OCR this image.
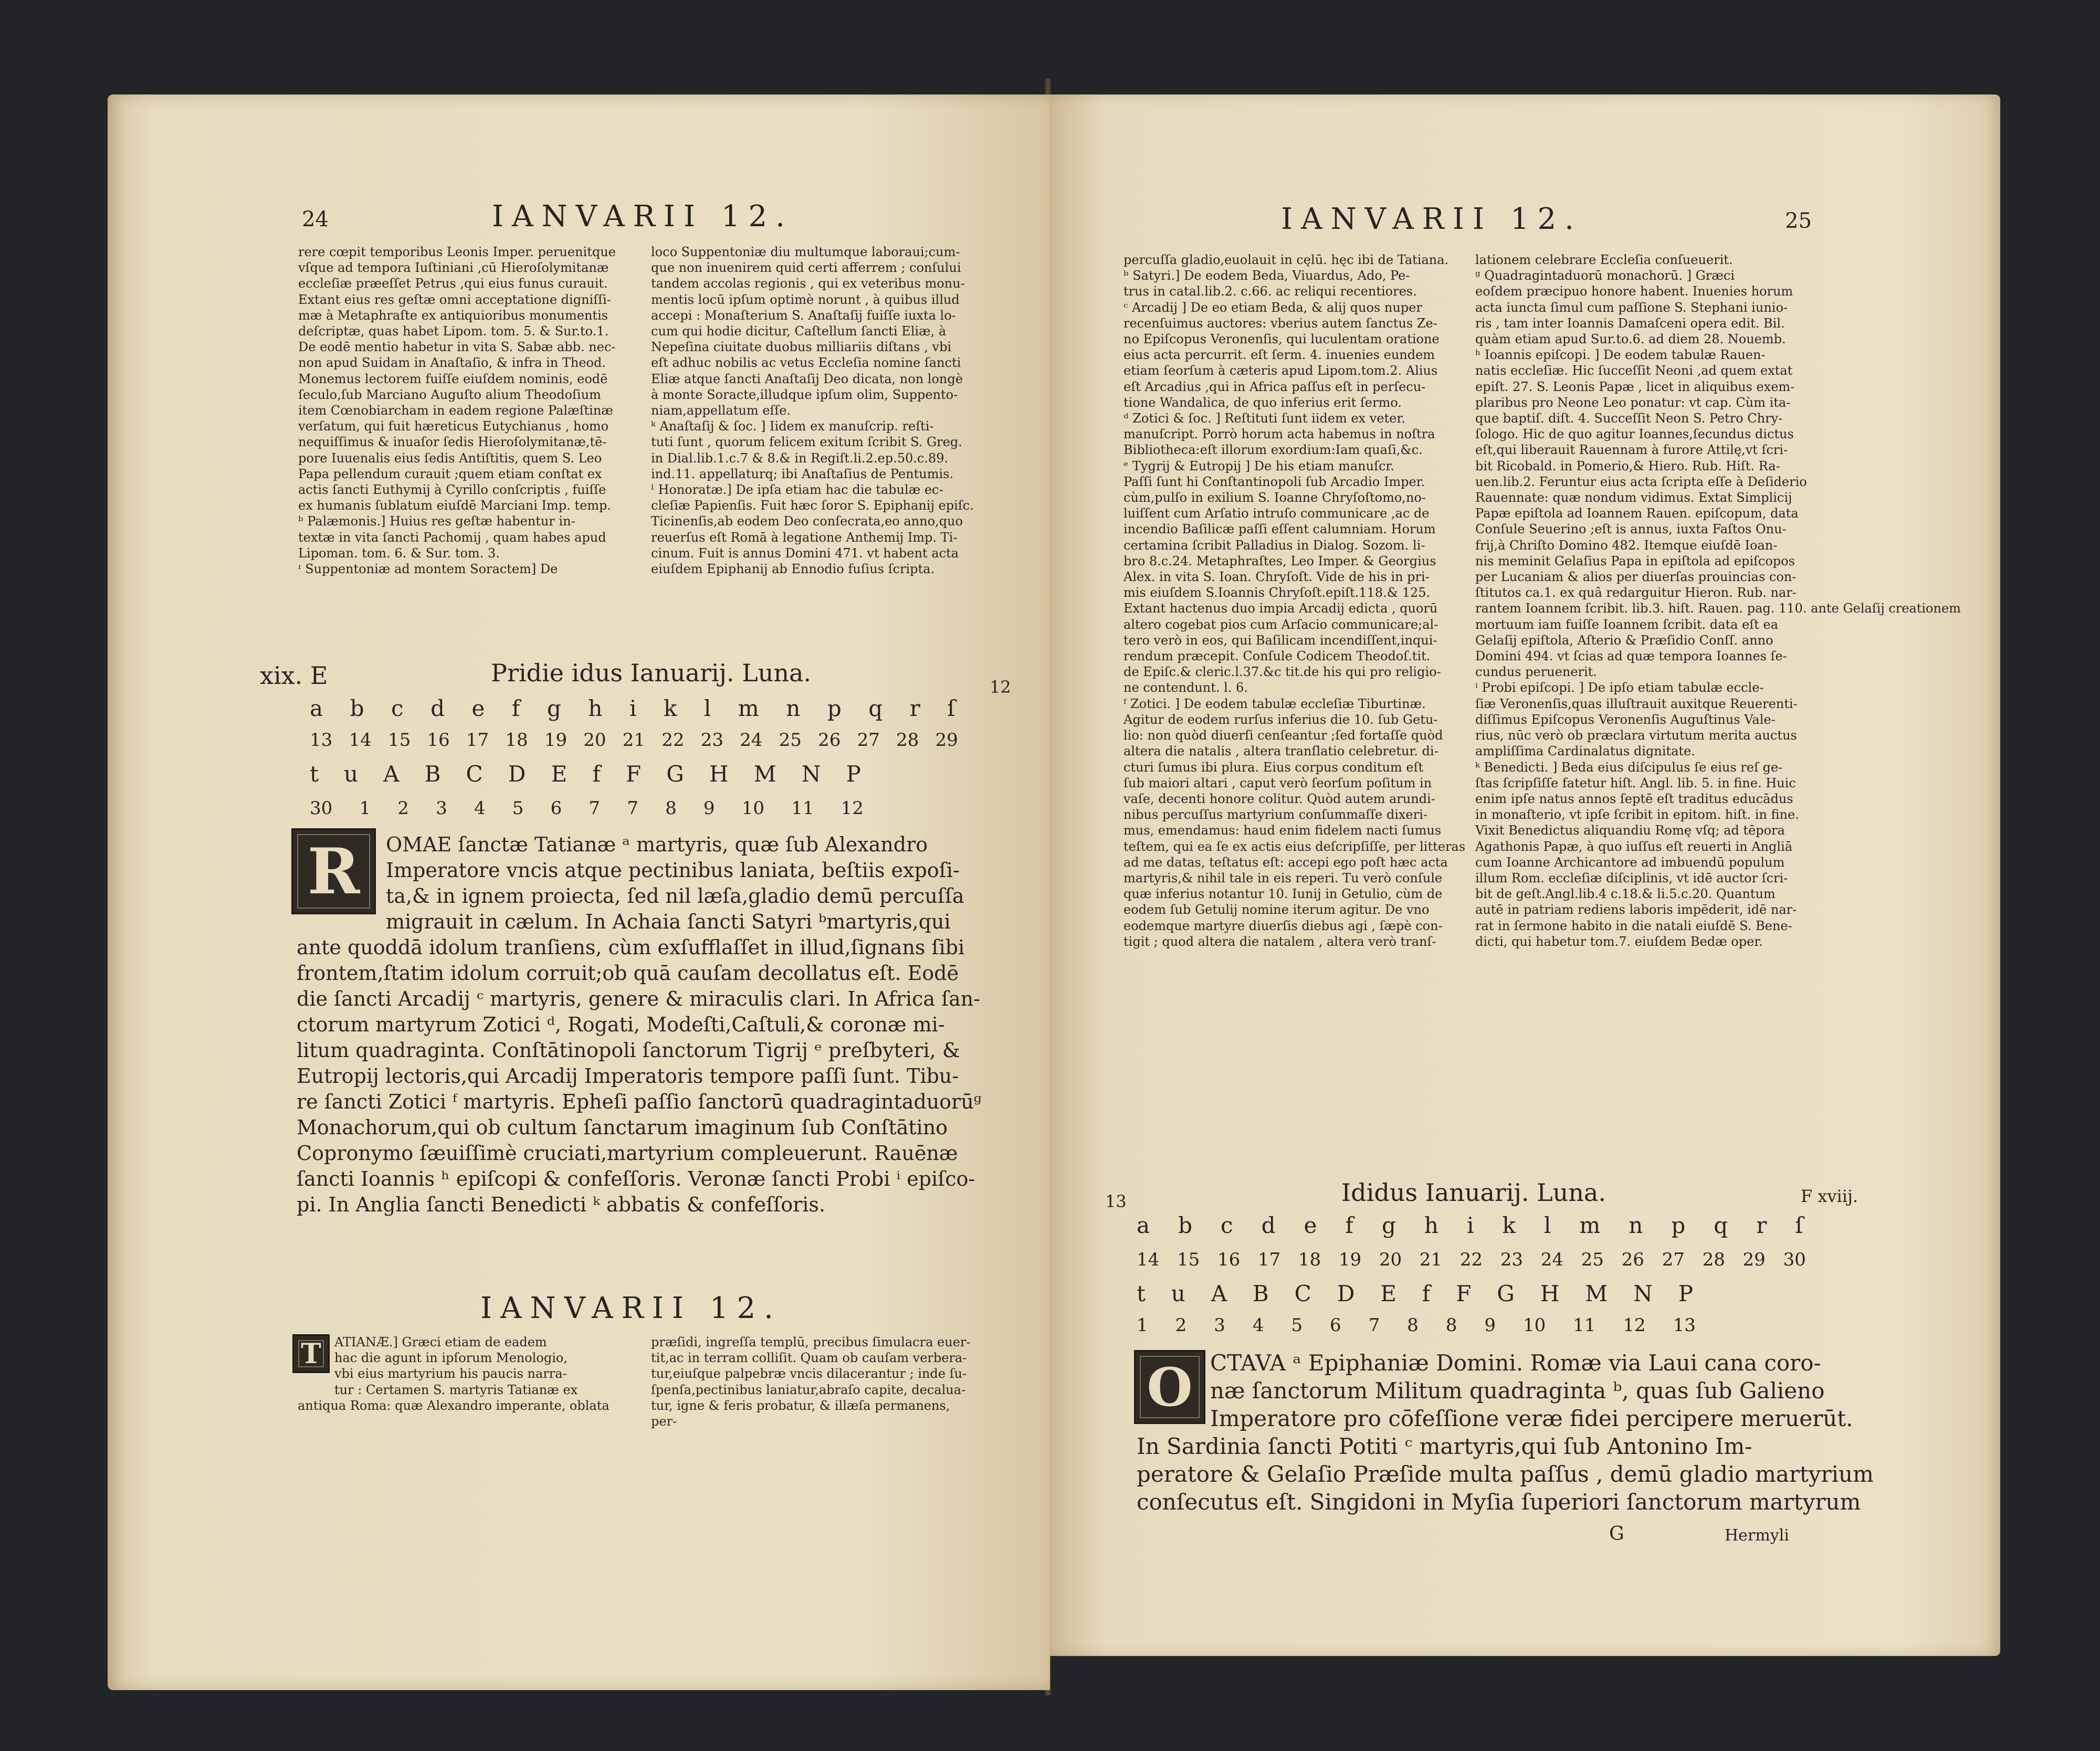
24	IANVARII 12.
rere cœpit temporibus Leonis Imper. peruenitque
vſque ad tempora Iuſtiniani ,cū Hieroſolymitanæ
eccleſiæ præeſſet Petrus ,qui eius funus curauit.
Extant eius res geſtæ omni acceptatione digniſſi-
mæ à Metaphraſte ex antiquioribus monumentis
deſcriptæ, quas habet Lipom. tom. 5. & Sur.to.1.
De eodē mentio habetur in vita S. Sabæ abb. nec-
non apud Suidam in Anaſtaſio, & infra in Theod.
Monemus lectorem fuiſſe eiuſdem nominis, eodē
ſeculo,ſub Marciano Auguſto alium Theodoſium
item Cœnobiarcham in eadem regione Palæſtinæ
verſatum, qui fuit hæreticus Eutychianus , homo
nequiſſimus & inuaſor ſedis Hieroſolymitanæ,tē-
pore Iuuenalis eius ſedis Antiſtitis, quem S. Leo
Papa pellendum curauit ;quem etiam conſtat ex
actis ſancti Euthymij à Cyrillo conſcriptis , fuiſſe
ex humanis ſublatum eiuſdē Marciani Imp. temp.
ᵇ Palæmonis.] Huius res geſtæ habentur in-
textæ in vita ſancti Pachomij , quam habes apud
Lipoman. tom. 6. & Sur. tom. 3.
ᶦ Suppentoniæ ad montem Soractem] De
loco Suppentoniæ diu multumque laboraui;cum-
que non inuenirem quid certi afferrem ; conſului
tandem accolas regionis , qui ex veteribus monu-
mentis locū ipſum optimè norunt , à quibus illud
accepi : Monaſterium S. Anaſtaſij fuiſſe iuxta lo-
cum qui hodie dicitur, Caſtellum ſancti Eliæ, à
Nepeſina ciuitate duobus milliariis diſtans , vbi
eſt adhuc nobilis ac vetus Eccleſia nomine ſancti
Eliæ atque ſancti Anaſtaſij Deo dicata, non longè
à monte Soracte,illudque ipſum olim, Suppento-
niam,appellatum eſſe.
ᵏ Anaſtaſij & ſoc. ] Iidem ex manuſcrip. reſti-
tuti ſunt , quorum felicem exitum ſcribit S. Greg.
in Dial.lib.1.c.7 & 8.& in Regiſt.li.2.ep.50.c.89.
ind.11. appellaturq; ibi Anaſtaſius de Pentumis.
ˡ Honoratæ.] De ipſa etiam hac die tabulæ ec-
cleſiæ Papienſis. Fuit hæc ſoror S. Epiphanij epiſc.
Ticinenſis,ab eodem Deo conſecrata,eo anno,quo
reuerſus eſt Romā à legatione Anthemij Imp. Ti-
cinum. Fuit is annus Domini 471. vt habent acta
eiuſdem Epiphanij ab Ennodio fuſius ſcripta.
xix. E	Pridie idus Ianuarij. Luna.	12
a b c d e f g h i k l m n p q r ſ
13 14 15 16 17 18 19 20 21 22 23 24 25 26 27 28 29
t u A B C D E f F G H M N P
30 1 2 3 4 5 6 7 7 8 9 10 11 12
R	OMAE ſanctæ Tatianæ ᵃ martyris, quæ ſub Alexandro
Imperatore vncis atque pectinibus laniata, beſtiis expoſi-
ta,& in ignem proiecta, ſed nil læſa,gladio demū percuſſa
migrauit in cælum. In Achaia ſancti Satyri ᵇmartyris,qui
ante quoddā idolum tranſiens, cùm exſufflaſſet in illud,ſignans ſibi
frontem,ſtatim idolum corruit;ob quā cauſam decollatus eſt. Eodē
die ſancti Arcadij ᶜ martyris, genere & miraculis clari. In Africa ſan-
ctorum martyrum Zotici ᵈ, Rogati, Modeſti,Caſtuli,& coronæ mi-
litum quadraginta. Conſtātinopoli ſanctorum Tigrij ᵉ preſbyteri, &
Eutropij lectoris,qui Arcadij Imperatoris tempore paſſi ſunt. Tibu-
re ſancti Zotici ᶠ martyris. Epheſi paſſio ſanctorū quadragintaduorūᵍ
Monachorum,qui ob cultum ſanctarum imaginum ſub Conſtātino
Copronymo ſæuiſſimè cruciati,martyrium compleuerunt. Rauēnæ
ſancti Ioannis ʰ epiſcopi & confeſſoris. Veronæ ſancti Probi ⁱ epiſco-
pi. In Anglia ſancti Benedicti ᵏ abbatis & confeſſoris.
IANVARII 12.
T	ATIANÆ.] Græci etiam de eadem
hac die agunt in ipſorum Menologio,
vbi eius martyrium his paucis narra-
tur : Certamen S. martyris Tatianæ ex
antiqua Roma: quæ Alexandro imperante, oblata
præſidi, ingreſſa templū, precibus ſimulacra euer-
tit,ac in terram colliſit. Quam ob cauſam verbera-
tur,eiuſque palpebræ vncis dilacerantur ; inde ſu-
ſpenſa,pectinibus laniatur,abraſo capite, decalua-
tur, igne & feris probatur, & illæſa permanens,
per-
IANVARII 12.	25
percuſſa gladio,euolauit in cęlū. hęc ibi de Tatiana.
ᵇ Satyri.] De eodem Beda, Viuardus, Ado, Pe-
trus in catal.lib.2. c.66. ac reliqui recentiores.
ᶜ Arcadij ] De eo etiam Beda, & alij quos nuper
recenſuimus auctores: vberius autem ſanctus Ze-
no Epiſcopus Veronenſis, qui luculentam oratione
eius acta percurrit. eſt ſerm. 4. inuenies eundem
etiam ſeorſum à cæteris apud Lipom.tom.2. Alius
eſt Arcadius ,qui in Africa paſſus eſt in perſecu-
tione Wandalica, de quo inferius erit ſermo.
ᵈ Zotici & ſoc. ] Reſtituti ſunt iidem ex veter.
manuſcript. Porrò horum acta habemus in noſtra
Bibliotheca:eſt illorum exordium:Iam quaſi,&c.
ᵉ Tygrij & Eutropij ] De his etiam manuſcr.
Paſſi ſunt hi Conſtantinopoli ſub Arcadio Imper.
cùm,pulſo in exilium S. Ioanne Chryſoſtomo,no-
luiſſent cum Arſatio intruſo communicare ,ac de
incendio Baſilicæ paſſi eſſent calumniam. Horum
certamina ſcribit Palladius in Dialog. Sozom. li-
bro 8.c.24. Metaphraſtes, Leo Imper. & Georgius
Alex. in vita S. Ioan. Chryſoſt. Vide de his in pri-
mis eiuſdem S.Ioannis Chryſoſt.epiſt.118.& 125.
Extant hactenus duo impia Arcadij edicta , quorū
altero cogebat pios cum Arſacio communicare;al-
tero verò in eos, qui Baſilicam incendiſſent,inqui-
rendum præcepit. Conſule Codicem Theodoſ.tit.
de Epiſc.& cleric.l.37.&c tit.de his qui pro religio-
ne contendunt. l. 6.
ᶠ Zotici. ] De eodem tabulæ eccleſiæ Tiburtinæ.
Agitur de eodem rurſus inferius die 10. ſub Getu-
lio: non quòd diuerſi cenſeantur ;ſed fortaſſe quòd
altera die natalis , altera tranſlatio celebretur. di-
cturi ſumus ibi plura. Eius corpus conditum eſt
ſub maiori altari , caput verò ſeorſum poſitum in
vaſe, decenti honore colitur. Quòd autem arundi-
nibus percuſſus martyrium conſummaſſe dixeri-
mus, emendamus: haud enim fidelem nacti ſumus
teſtem, qui ea ſe ex actis eius deſcripſiſſe, per litteras
ad me datas, teſtatus eſt: accepi ego poſt hæc acta
martyris,& nihil tale in eis reperi. Tu verò conſule
quæ inferius notantur 10. Iunij in Getulio, cùm de
eodem ſub Getulij nomine iterum agitur. De vno
eodemque martyre diuerſis diebus agi , ſæpè con-
tigit ; quod altera die natalem , altera verò tranſ-
lationem celebrare Eccleſia conſueuerit.
ᵍ Quadragintaduorū monachorū. ] Græci
eoſdem præcipuo honore habent. Inuenies horum
acta iuncta ſimul cum paſſione S. Stephani iunio-
ris , tam inter Ioannis Damaſceni opera edit. Bil.
quàm etiam apud Sur.to.6. ad diem 28. Nouemb.
ʰ Ioannis epiſcopi. ] De eodem tabulæ Rauen-
natis eccleſiæ. Hic ſucceſſit Neoni ,ad quem extat
epiſt. 27. S. Leonis Papæ , licet in aliquibus exem-
plaribus pro Neone Leo ponatur: vt cap. Cùm ita-
que baptiſ. diſt. 4. Succeſſit Neon S. Petro Chry-
ſologo. Hic de quo agitur Ioannes,ſecundus dictus
eſt,qui liberauit Rauennam à furore Attilę,vt ſcri-
bit Ricobald. in Pomerio,& Hiero. Rub. Hiſt. Ra-
uen.lib.2. Feruntur eius acta ſcripta eſſe à Deſiderio
Rauennate: quæ nondum vidimus. Extat Simplicij
Papæ epiſtola ad Ioannem Rauen. epiſcopum, data
Conſule Seuerino ;eſt is annus, iuxta Faſtos Onu-
frij,à Chriſto Domino 482. Itemque eiuſdē Ioan-
nis meminit Gelaſius Papa in epiſtola ad epiſcopos
per Lucaniam & alios per diuerſas prouincias con-
ſtitutos ca.1. ex quâ redarguitur Hieron. Rub. nar-
rantem Ioannem ſcribit. lib.3. hiſt. Rauen. pag. 110. ante Gelaſij creationem
mortuum iam fuiſſe Ioannem ſcribit. data eſt ea
Gelaſij epiſtola, Aſterio & Præſidio Conſſ. anno
Domini 494. vt ſcias ad quæ tempora Ioannes ſe-
cundus peruenerit.
ⁱ Probi epiſcopi. ] De ipſo etiam tabulæ eccle-
ſiæ Veronenſis,quas illuſtrauit auxitque Reuerenti-
diſſimus Epiſcopus Veronenſis Auguſtinus Vale-
rius, nūc verò ob præclara virtutum merita auctus
ampliſſima Cardinalatus dignitate.
ᵏ Benedicti. ] Beda eius diſcipulus ſe eius reſ ge-
ſtas ſcripſiſſe fatetur hiſt. Angl. lib. 5. in fine. Huic
enim ipſe natus annos ſeptē eſt traditus educādus
in monaſterio, vt ipſe ſcribit in epitom. hiſt. in fine.
Vixit Benedictus aliquandiu Romę vſq; ad tēpora
Agathonis Papæ, à quo iuſſus eſt reuerti in Angliā
cum Ioanne Archicantore ad imbuendū populum
illum Rom. eccleſiæ diſciplinis, vt idē auctor ſcri-
bit de geſt.Angl.lib.4 c.18.& li.5.c.20. Quantum
autē in patriam rediens laboris impēderit, idē nar-
rat in ſermone habito in die natali eiuſdē S. Bene-
dicti, qui habetur tom.7. eiuſdem Bedæ oper.
13	Ididus Ianuarij. Luna.	F xviij.
a b c d e f g h i k l m n p q r ſ
14 15 16 17 18 19 20 21 22 23 24 25 26 27 28 29 30
t u A B C D E f F G H M N P
1 2 3 4 5 6 7 8 8 9 10 11 12 13
O CTAVA ᵃ Epiphaniæ Domini. Romæ via Laui cana coro-
næ ſanctorum Militum quadraginta ᵇ, quas ſub Galieno
Imperatore pro cōfeſſione veræ fidei percipere meruerūt.
In Sardinia ſancti Potiti ᶜ martyris,qui ſub Antonino Im-
peratore & Gelaſio Præſide multa paſſus , demū gladio martyrium
conſecutus eſt. Singidoni in Myſia ſuperiori ſanctorum martyrum
G	Hermyli
